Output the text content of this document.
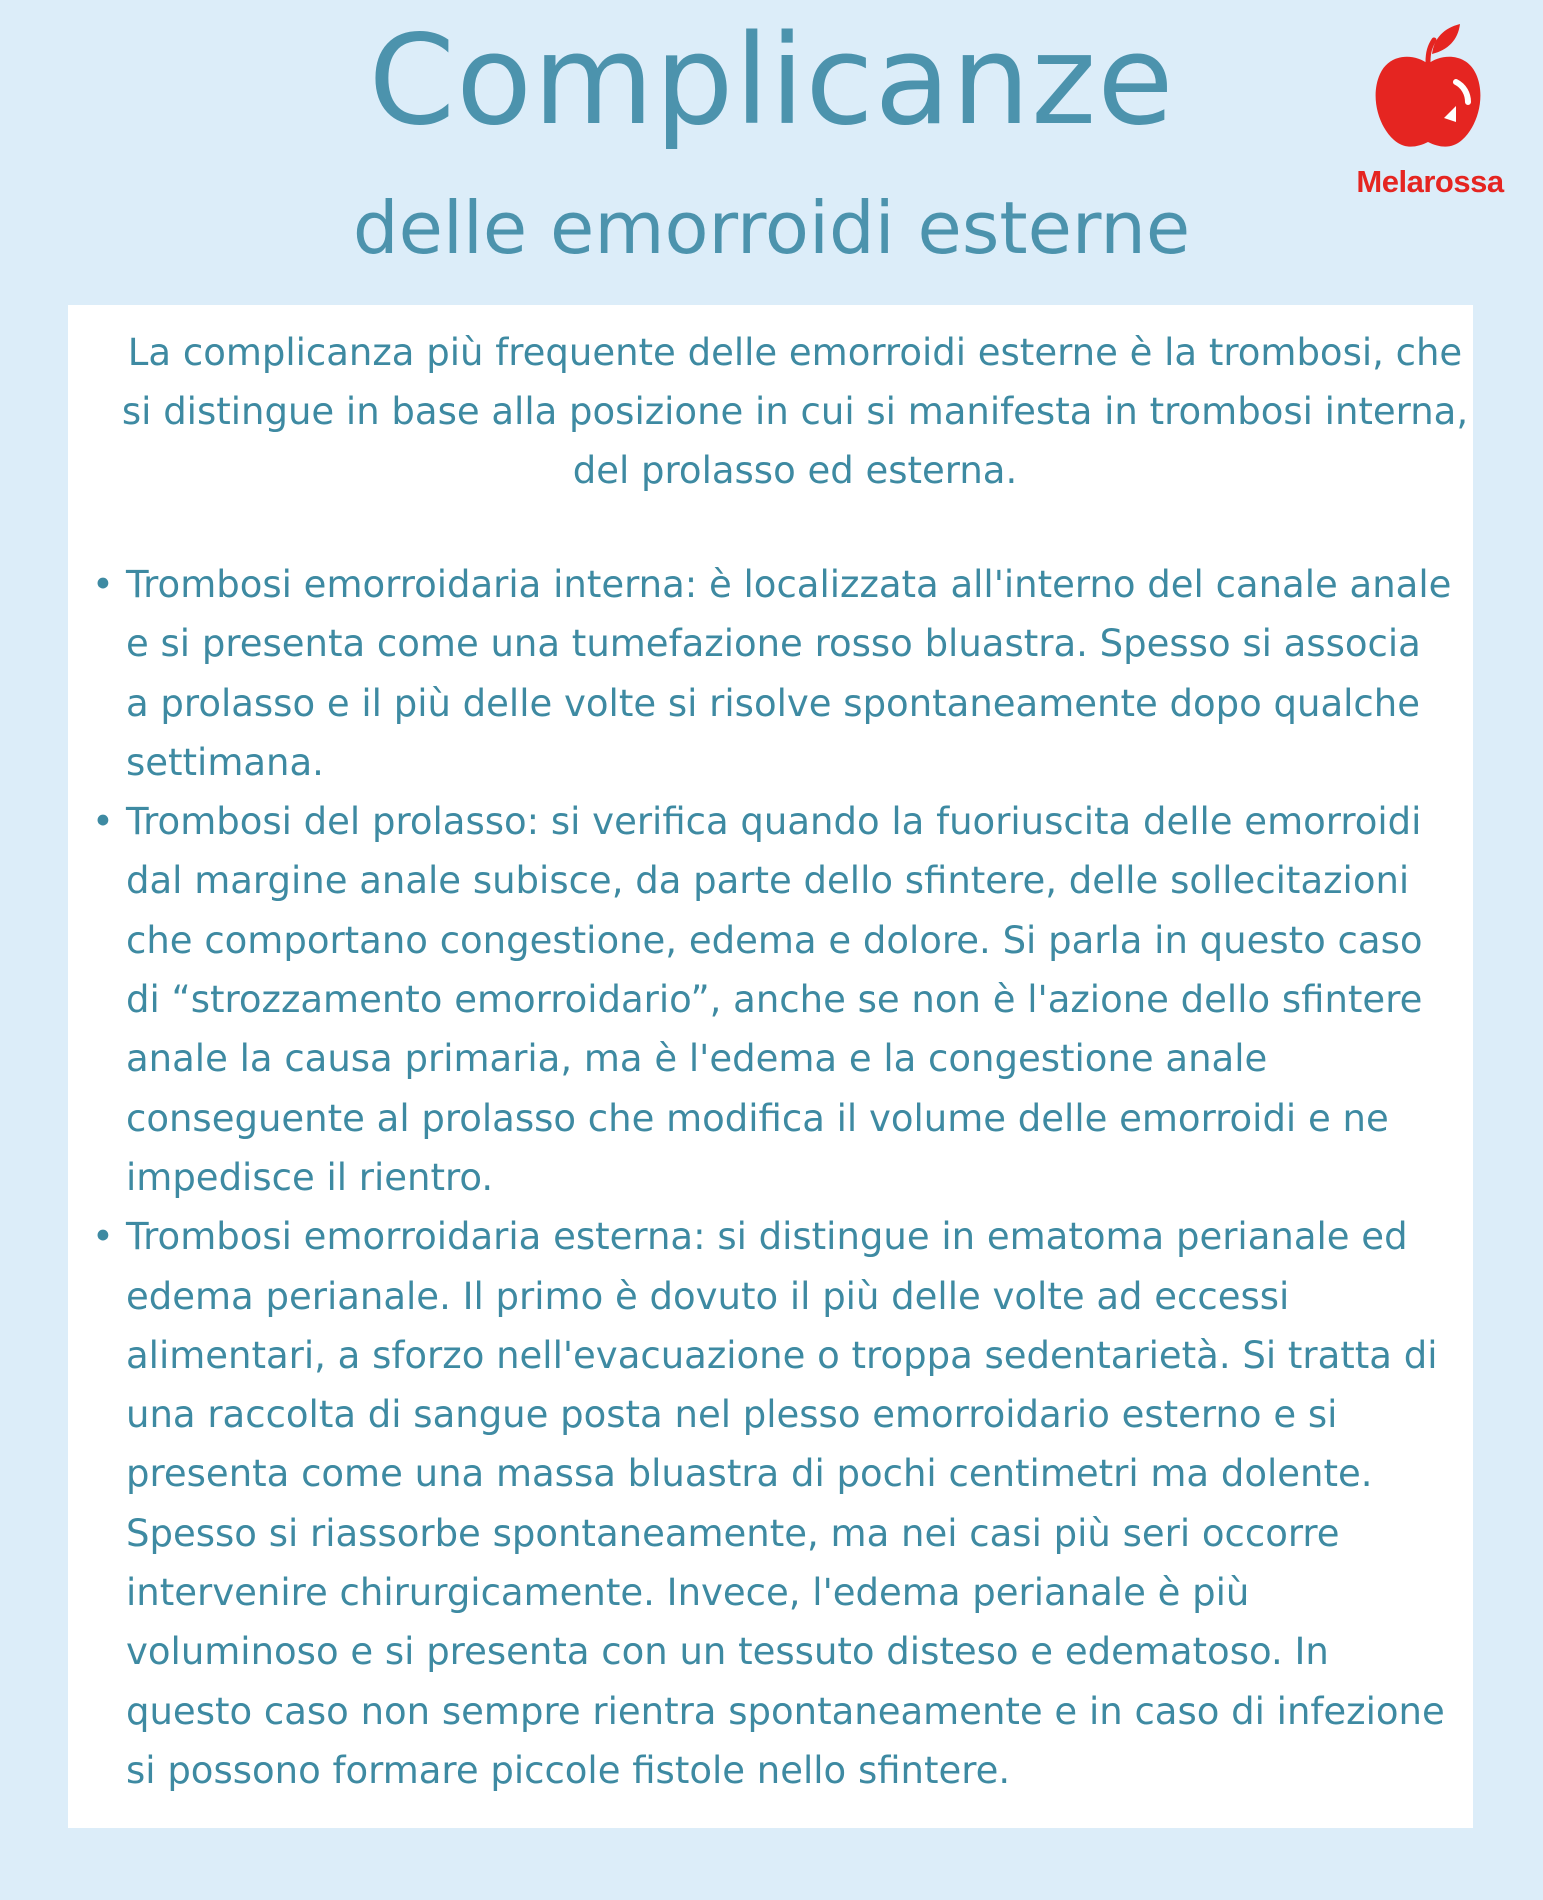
Complicanze
delle emorroidi esterne
Melarossa
La complicanza più frequente delle emorroidi esterne è la trombosi, che si distingue in base alla posizione in cui si manifesta in trombosi interna, del prolasso ed esterna.
• Trombosi emorroidaria interna: è localizzata all'interno del canale anale e si presenta come una tumefazione rosso bluastra. Spesso si associa a prolasso e il più delle volte si risolve spontaneamente dopo qualche settimana.
• Trombosi del prolasso: si verifica quando la fuoriuscita delle emorroidi dal margine anale subisce, da parte dello sfintere, delle sollecitazioni che comportano congestione, edema e dolore. Si parla in questo caso di “strozzamento emorroidario”, anche se non è l'azione dello sfintere anale la causa primaria, ma è l'edema e la congestione anale conseguente al prolasso che modifica il volume delle emorroidi e ne impedisce il rientro.
• Trombosi emorroidaria esterna: si distingue in ematoma perianale ed edema perianale. Il primo è dovuto il più delle volte ad eccessi alimentari, a sforzo nell'evacuazione o troppa sedentarietà. Si tratta di una raccolta di sangue posta nel plesso emorroidario esterno e si presenta come una massa bluastra di pochi centimetri ma dolente. Spesso si riassorbe spontaneamente, ma nei casi più seri occorre intervenire chirurgicamente. Invece, l'edema perianale è più voluminoso e si presenta con un tessuto disteso e edematoso. In questo caso non sempre rientra spontaneamente e in caso di infezione si possono formare piccole fistole nello sfintere.
